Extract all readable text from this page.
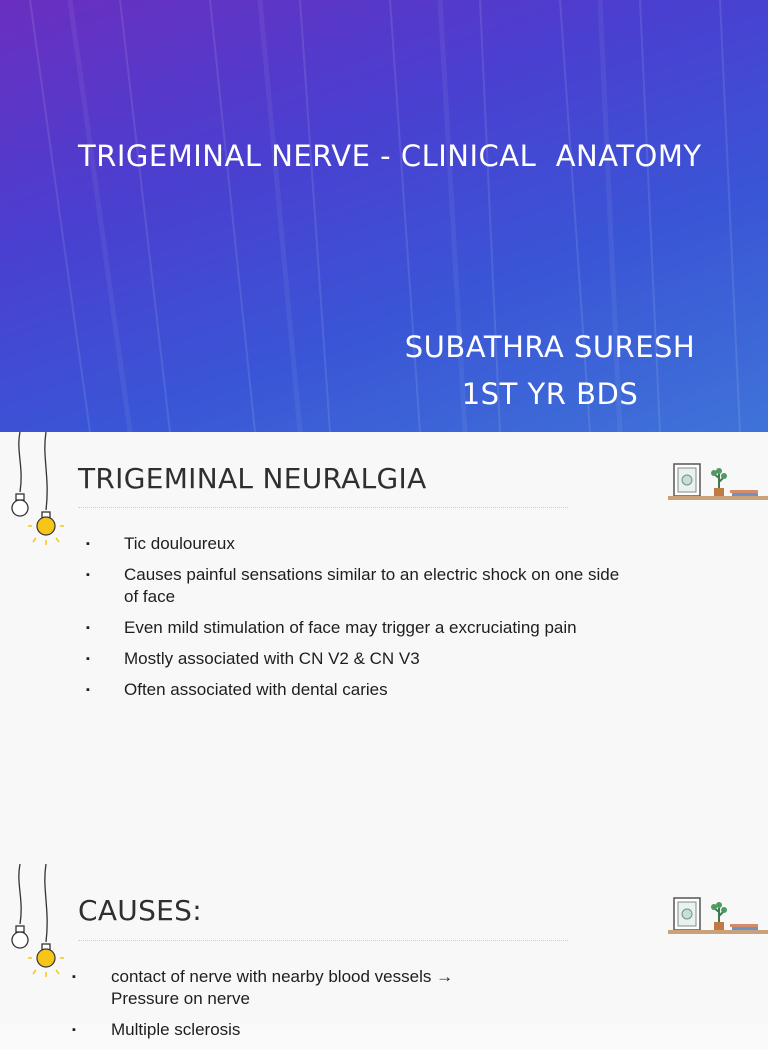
TRIGEMINAL NERVE - CLINICAL  ANATOMY
SUBATHRA SURESH
1ST YR BDS
TRIGEMINAL NEURALGIA
▪ Tic douloureux
▪ Causes painful sensations similar to an electric shock on one side of face
▪ Even mild stimulation of face may trigger a excruciating pain
▪ Mostly associated with CN V2 & CN V3
▪ Often associated with dental caries
CAUSES:
▪ contact of nerve with nearby blood vessels → Pressure on nerve
▪ Multiple sclerosis
